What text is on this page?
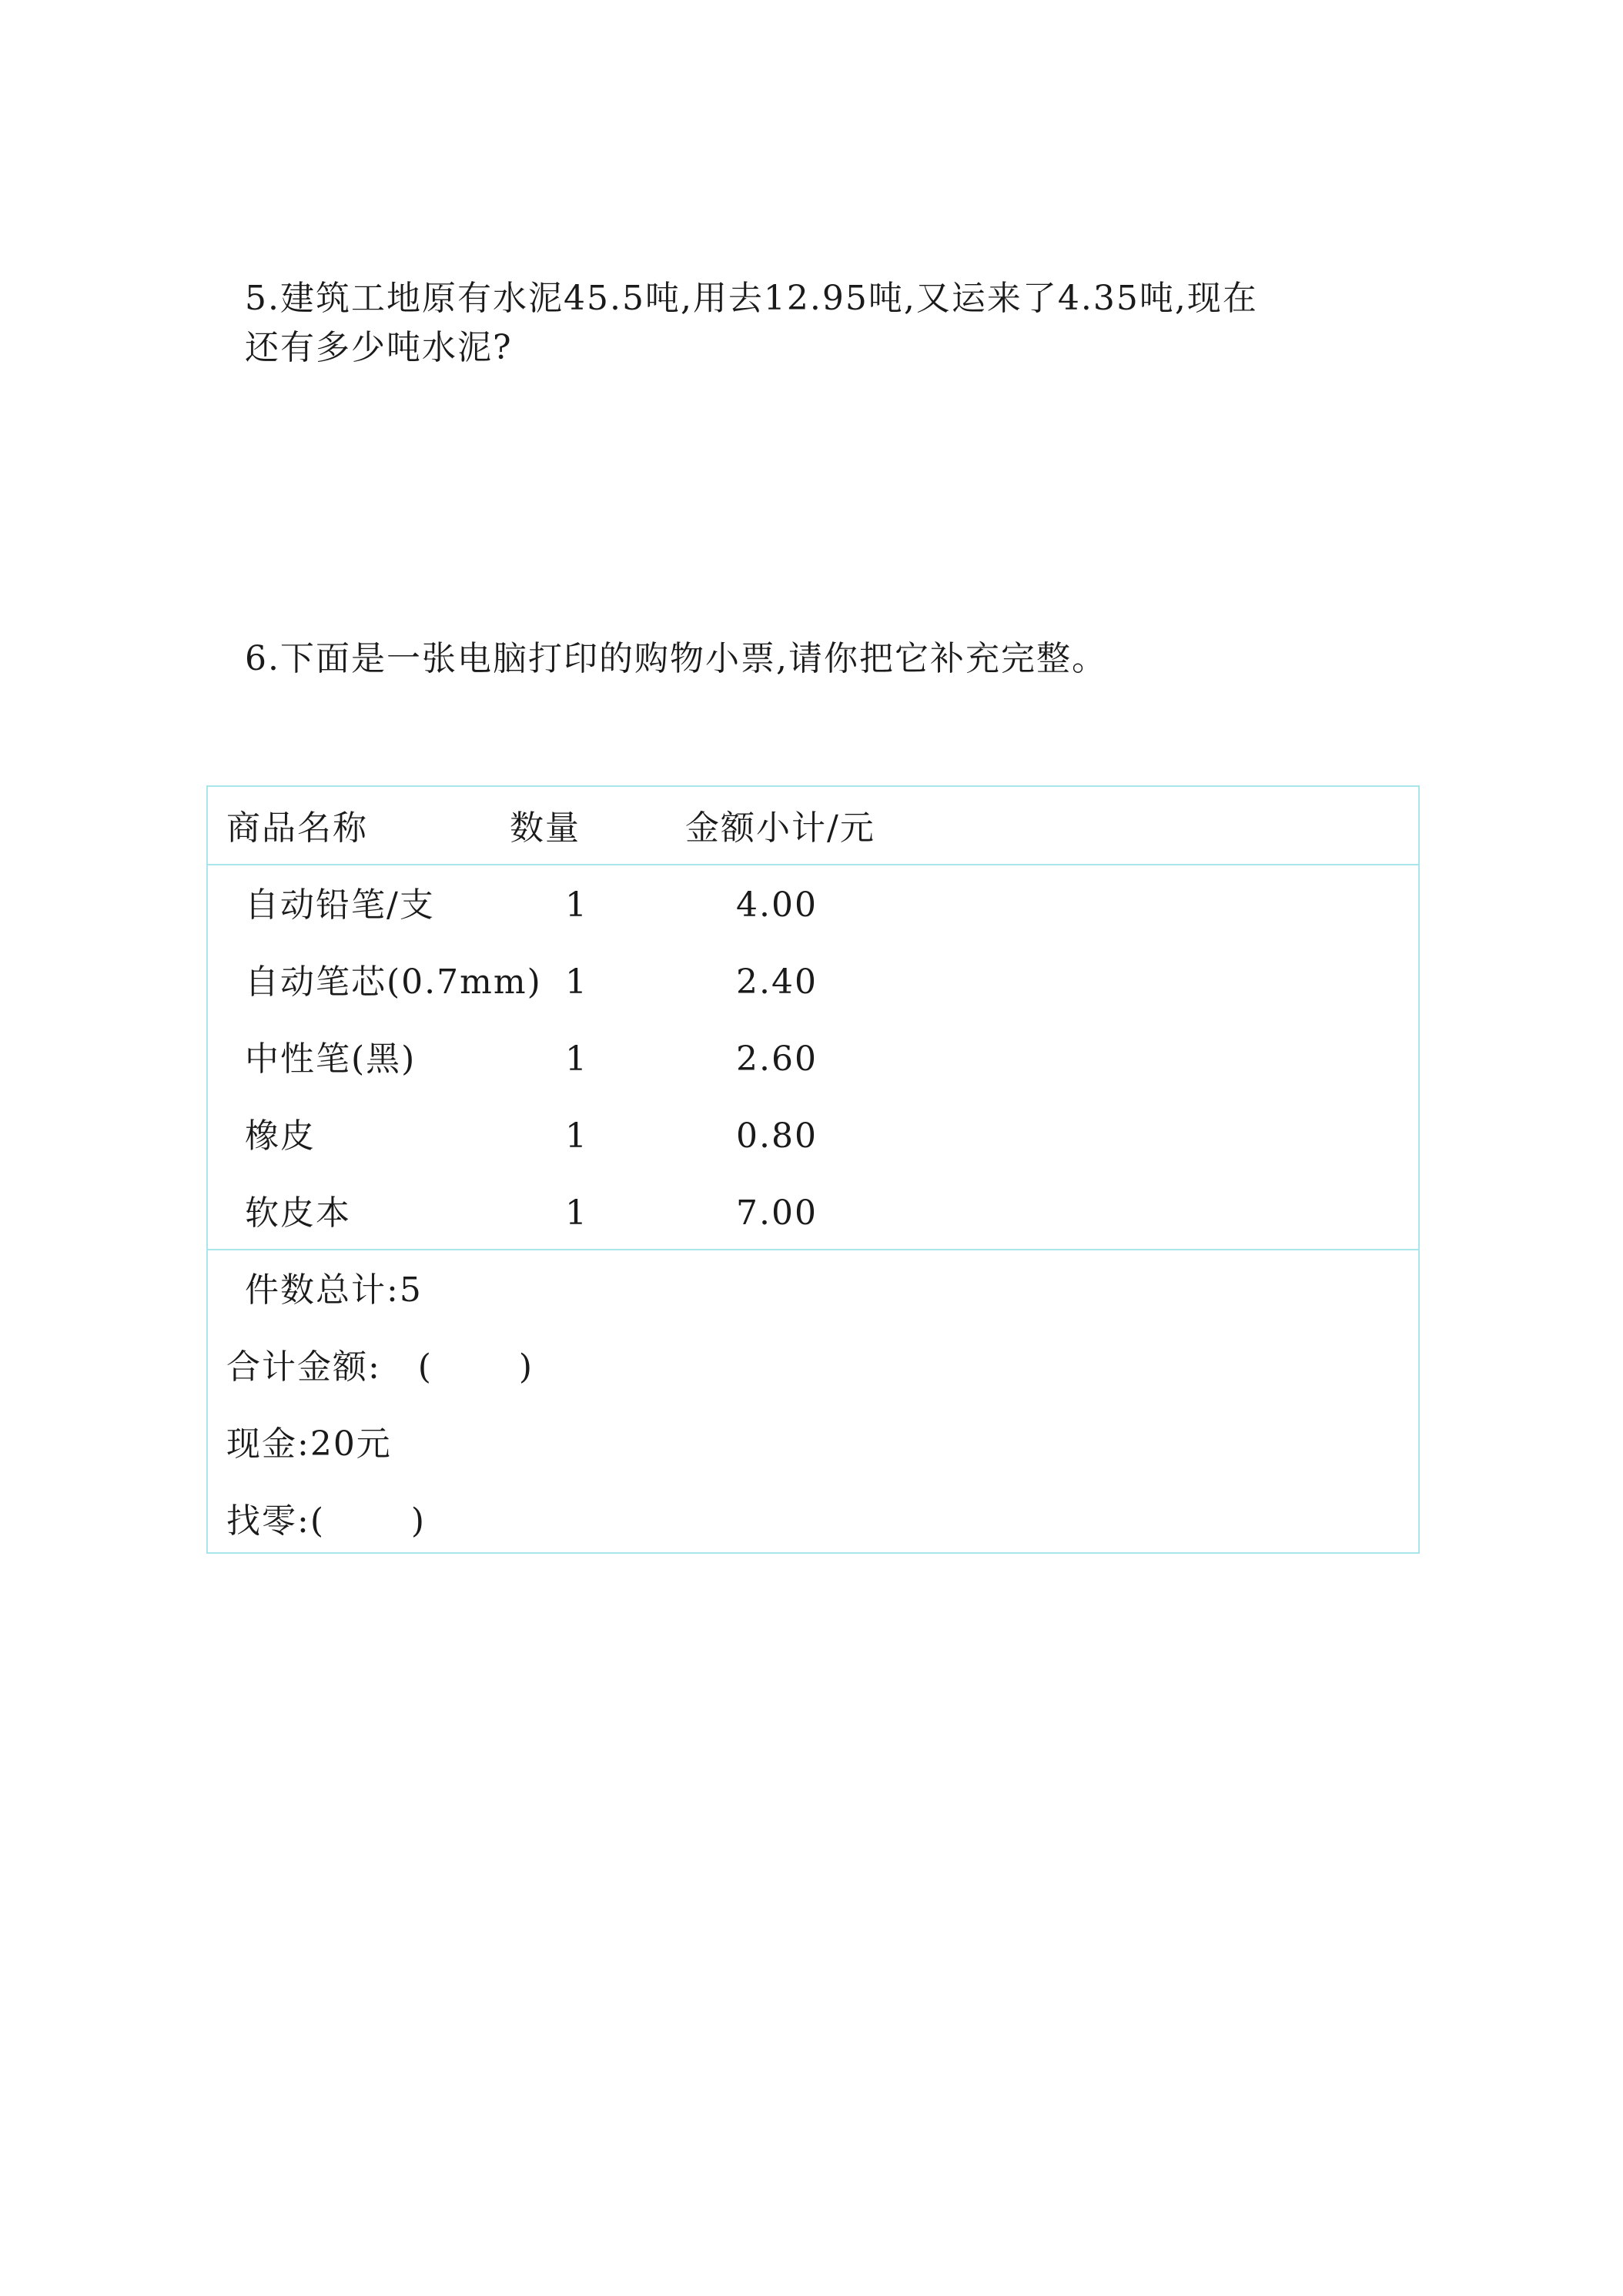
5.建筑工地原有水泥45.5吨,用去12.95吨,又运来了4.35吨,现在
还有多少吨水泥?
6.下面是一张电脑打印的购物小票,请你把它补充完整。
商品名称	数量	金额小计/元
自动铅笔/支	1	4.00
自动笔芯(0.7mm) 1	2.40
中性笔(黑)	1	2.60
橡皮	1	0.80
软皮本	1	7.00
件数总计:5
合计金额:   (       )
现金:20元
找零:(       )
